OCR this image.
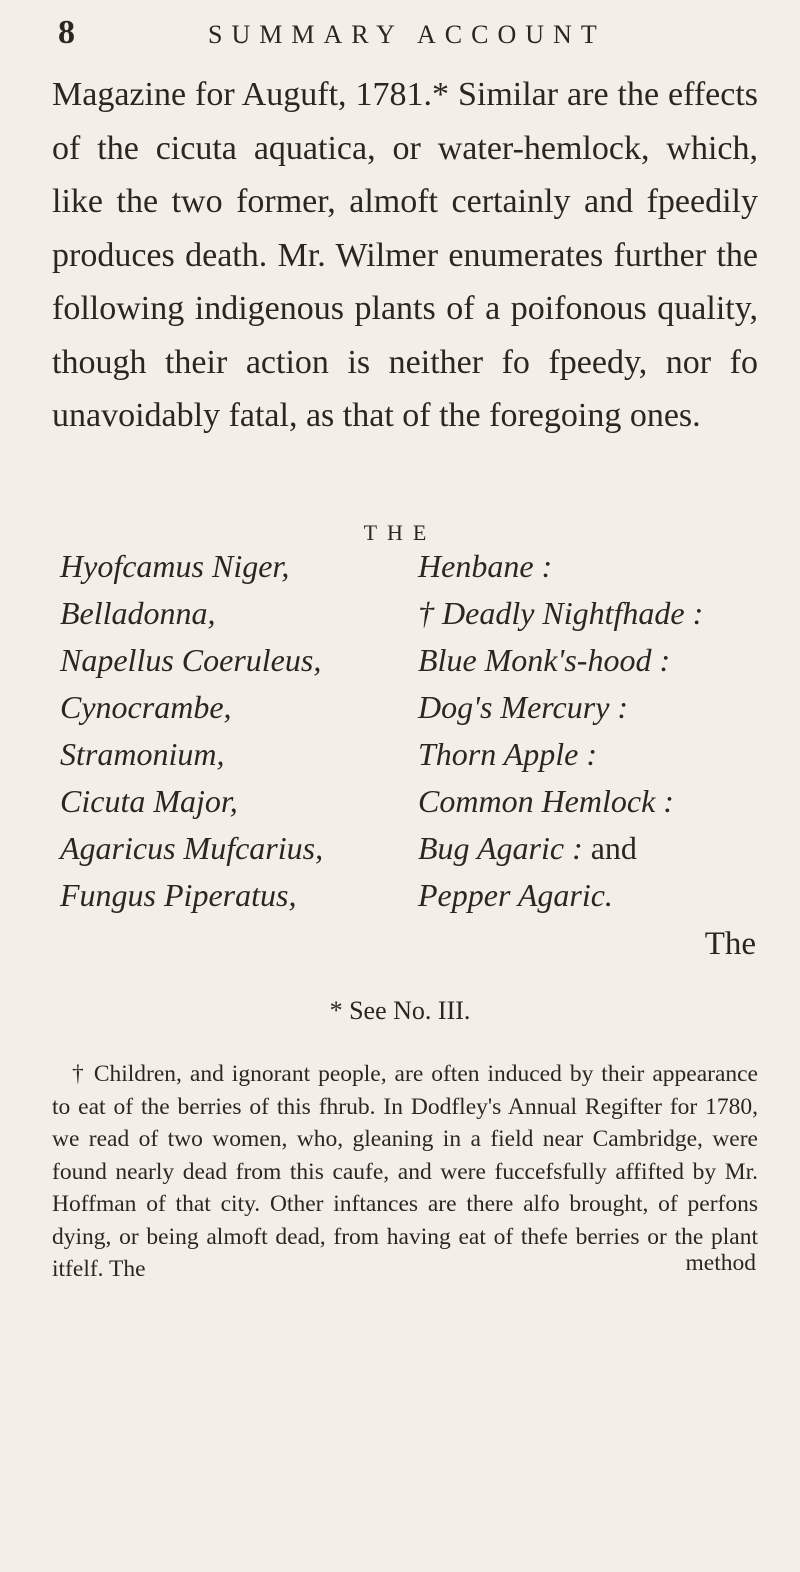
8	SUMMARY ACCOUNT

Magazine for Auguft, 1781.* Similar are the effects of the cicuta aquatica, or water-hemlock, which, like the two former, almoft certainly and fpeedily produces death. Mr. Wilmer enumerates further the following indigenous plants of a poifonous quality, though their action is neither fo fpeedy, nor fo unavoidably fatal, as that of the foregoing ones.

THE
Hyofcamus Niger,	Henbane :
Belladonna,	† Deadly Nightfhade :
Napellus Coeruleus,	Blue Monk's-hood :
Cynocrambe,	Dog's Mercury :
Stramonium,	Thorn Apple :
Cicuta Major,	Common Hemlock :
Agaricus Mufcarius,	Bug Agaric : and
Fungus Piperatus,	Pepper Agaric.
The
* See No. III.

† Children, and ignorant people, are often induced by their appearance to eat of the berries of this fhrub. In Dodfley's Annual Regifter for 1780, we read of two women, who, gleaning in a field near Cambridge, were found nearly dead from this caufe, and were fuccefsfully affifted by Mr. Hoffman of that city. Other inftances are there alfo brought, of perfons dying, or being almoft dead, from having eat of thefe berries or the plant itfelf. The	method
